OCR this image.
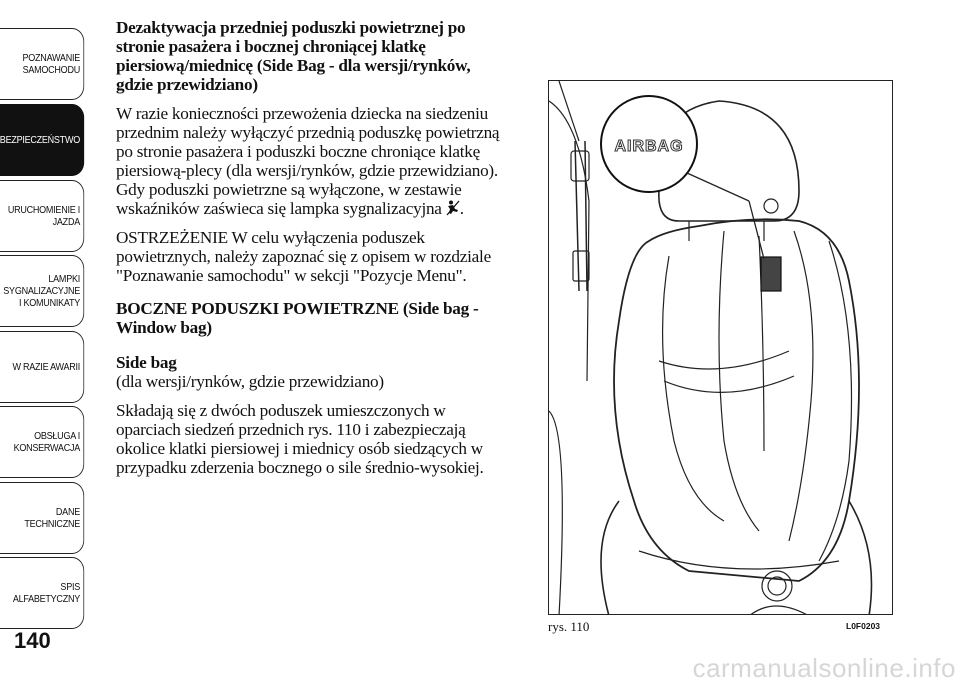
POZNAWANIE
SAMOCHODU
BEZPIECZEŃSTWO
URUCHOMIENIE I
JAZDA
LAMPKI
SYGNALIZACYJNE
I KOMUNIKATY
W RAZIE AWARII
OBSŁUGA I
KONSERWACJA
DANE
TECHNICZNE
SPIS
ALFABETYCZNY
140

Dezaktywacja przedniej poduszki powietrznej po stronie pasażera i bocznej chroniącej klatkę piersiową/miednicę (Side Bag - dla wersji/rynków, gdzie przewidziano)

W razie konieczności przewożenia dziecka na siedzeniu przednim należy wyłączyć przednią poduszkę powietrzną po stronie pasażera i poduszki boczne chroniące klatkę piersiową-plecy (dla wersji/rynków, gdzie przewidziano). Gdy poduszki powietrzne są wyłączone, w zestawie wskaźników zaświeca się lampka sygnalizacyjna .

OSTRZEŻENIE W celu wyłączenia poduszek powietrznych, należy zapoznać się z opisem w rozdziale "Poznawanie samochodu" w sekcji "Pozycje Menu".

BOCZNE PODUSZKI POWIETRZNE (Side bag - Window bag)

Side bag

(dla wersji/rynków, gdzie przewidziano)

Składają się z dwóch poduszek umieszczonych w oparciach siedzeń przednich rys. 110 i zabezpieczają okolice klatki piersiowej i miednicy osób siedzących w przypadku zderzenia bocznego o sile średnio-wysokiej.

AIRBAG
rys. 110	L0F0203
carmanualsonline.info
